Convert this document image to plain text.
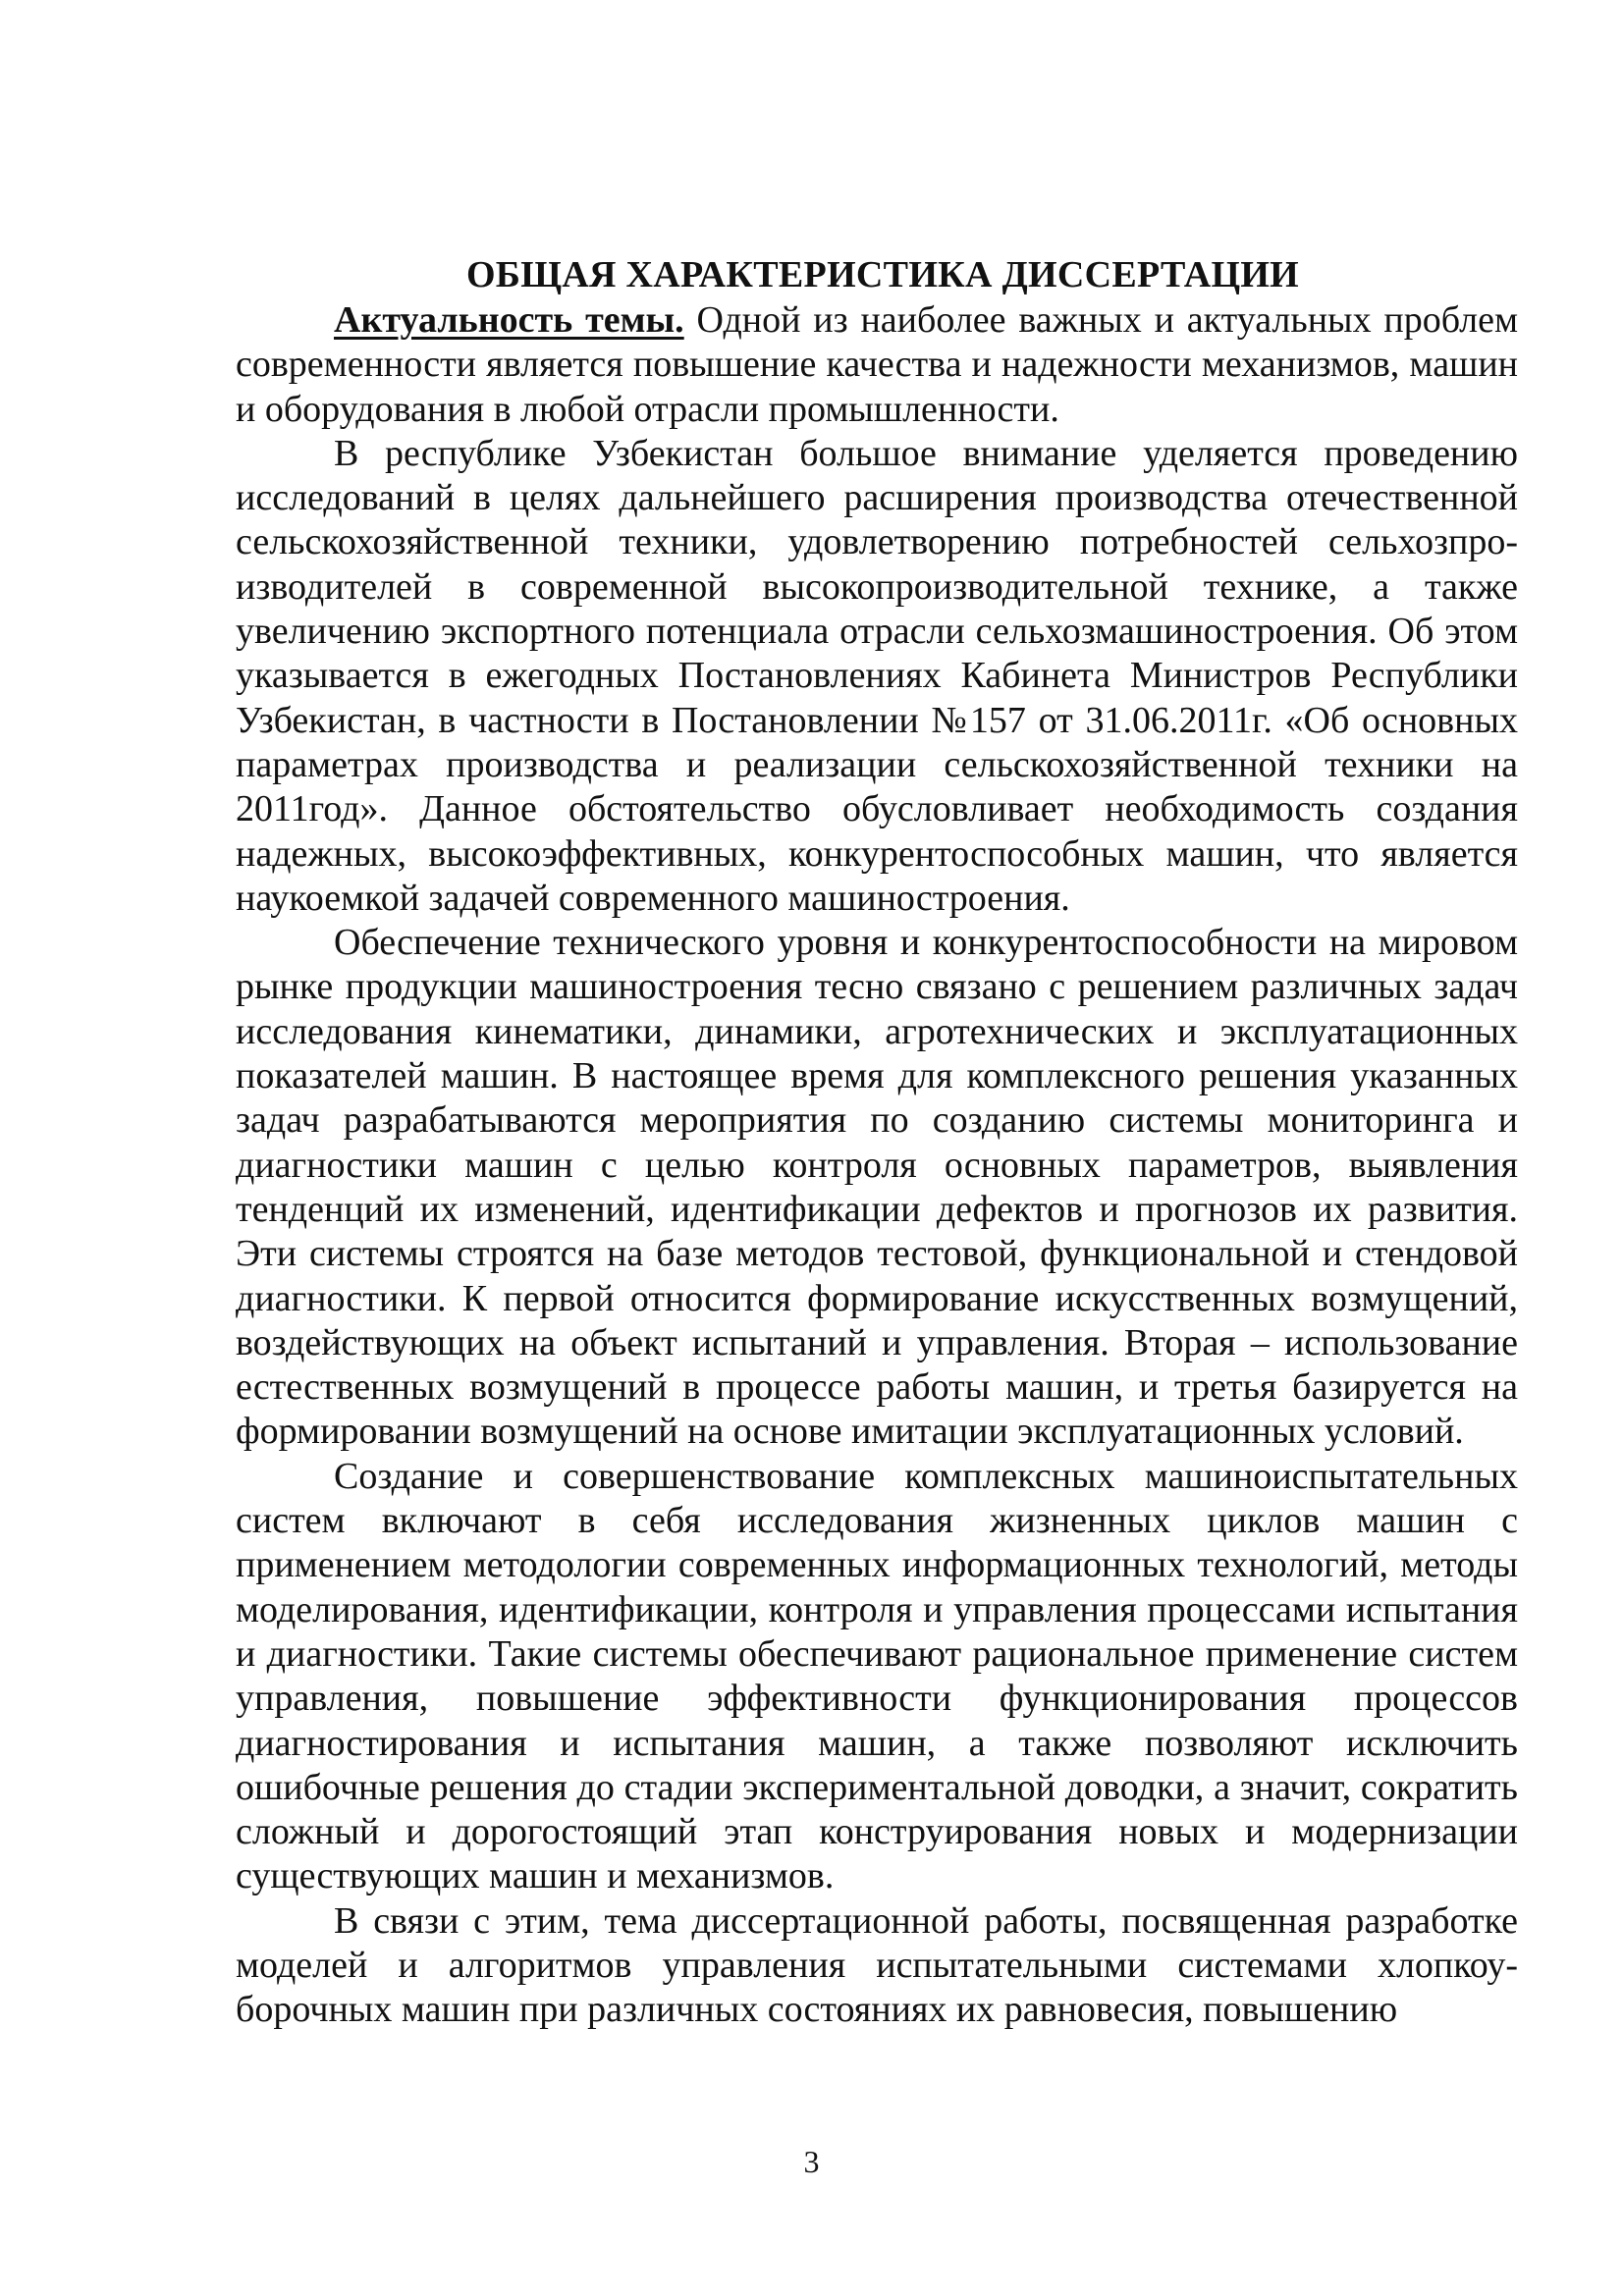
ОБЩАЯ ХАРАКТЕРИСТИКА ДИССЕРТАЦИИ

Актуальность темы. Одной из наиболее важных и актуальных проблем современности является повышение качества и надежности механизмов, машин и оборудования в любой отрасли промышленности.

В республике Узбекистан большое внимание уделяется проведению исследований в целях дальнейшего расширения производства отечественной сельскохозяйственной техники, удовлетворению потребностей сельхозпроизводителей в современной высокопроизводительной технике, а также увеличению экспортного потенциала отрасли сельхозмашиностроения. Об этом указывается в ежегодных Постановлениях Кабинета Министров Республики Узбекистан, в частности в Постановлении №157 от 31.06.2011г. «Об основных параметрах производства и реализации сельскохозяйственной техники на 2011год». Данное обстоятельство обусловливает необходимость создания надежных, высокоэффективных, конкурентоспособных машин, что является наукоемкой задачей современного машиностроения.

Обеспечение технического уровня и конкурентоспособности на мировом рынке продукции машиностроения тесно связано с решением различных задач исследования кинематики, динамики, агротехнических и эксплуатационных показателей машин. В настоящее время для комплексного решения указанных задач разрабатываются мероприятия по созданию системы мониторинга и диагностики машин с целью контроля основных параметров, выявления тенденций их изменений, идентификации дефектов и прогнозов их развития. Эти системы строятся на базе методов тестовой, функциональной и стендовой диагностики. К первой относится формирование искусственных возмущений, воздействующих на объект испытаний и управления. Вторая – использование естественных возмущений в процессе работы машин, и третья базируется на формировании возмущений на основе имитации эксплуатационных условий.

Создание и совершенствование комплексных машиноиспытательных систем включают в себя исследования жизненных циклов машин с применением методологии современных информационных технологий, методы моделирования, идентификации, контроля и управления процессами испытания и диагностики. Такие системы обеспечивают рациональное применение систем управления, повышение эффективности функционирования процессов диагностирования и испытания машин, а также позволяют исключить ошибочные решения до стадии экспериментальной доводки, а значит, сократить сложный и дорогостоящий этап конструирования новых и модернизации существующих машин и механизмов.

В связи с этим, тема диссертационной работы, посвященная разработке моделей и алгоритмов управления испытательными системами хлопкоуборочных машин при различных состояниях их равновесия, повышению

3
